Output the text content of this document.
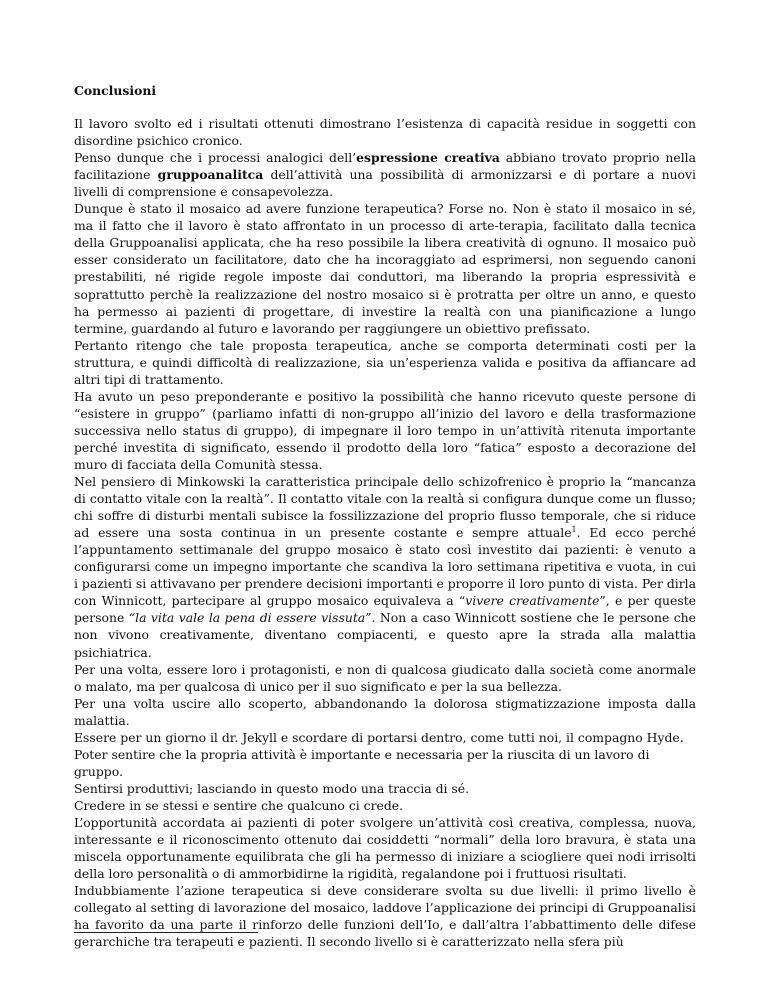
Conclusioni

Il lavoro svolto ed i risultati ottenuti dimostrano l’esistenza di capacità residue in soggetti con disordine psichico cronico.

Penso dunque che i processi analogici dell’espressione creativa abbiano trovato proprio nella facilitazione gruppoanalitca dell’attività una possibilità di armonizzarsi e di portare a nuovi livelli di comprensione e consapevolezza.

Dunque è stato il mosaico ad avere funzione terapeutica? Forse no. Non è stato il mosaico in sé, ma il fatto che il lavoro è stato affrontato in un processo di arte-terapia, facilitato dalla tecnica della Gruppoanalisi applicata, che ha reso possibile la libera creatività di ognuno. Il mosaico può esser considerato un facilitatore, dato che ha incoraggiato ad esprimersi, non seguendo canoni prestabiliti, né rigide regole imposte dai conduttori, ma liberando la propria espressività e soprattutto perchè la realizzazione del nostro mosaico si è protratta per oltre un anno, e questo ha permesso ai pazienti di progettare, di investire la realtà con una pianificazione a lungo termine, guardando al futuro e lavorando per raggiungere un obiettivo prefissato.

Pertanto ritengo che tale proposta terapeutica, anche se comporta determinati costi per la struttura, e quindi difficoltà di realizzazione, sia un’esperienza valida e positiva da affiancare ad altri tipi di trattamento.

Ha avuto un peso preponderante e positivo la possibilità che hanno ricevuto queste persone di “esistere in gruppo” (parliamo infatti di non-gruppo all’inizio del lavoro e della trasformazione successiva nello status di gruppo), di impegnare il loro tempo in un’attività ritenuta importante perché investita di significato, essendo il prodotto della loro “fatica” esposto a decorazione del muro di facciata della Comunità stessa.

Nel pensiero di Minkowski la caratteristica principale dello schizofrenico è proprio la “mancanza di contatto vitale con la realtà”. Il contatto vitale con la realtà si configura dunque come un flusso; chi soffre di disturbi mentali subisce la fossilizzazione del proprio flusso temporale, che si riduce ad essere una sosta continua in un presente costante e sempre attuale$^1$. Ed ecco perché l’appuntamento settimanale del gruppo mosaico è stato così investito dai pazienti: è venuto a configurarsi come un impegno importante che scandiva la loro settimana ripetitiva e vuota, in cui i pazienti si attivavano per prendere decisioni importanti e proporre il loro punto di vista. Per dirla con Winnicott, partecipare al gruppo mosaico equivaleva a “vivere creativamente”, e per queste persone “la vita vale la pena di essere vissuta”. Non a caso Winnicott sostiene che le persone che non vivono creativamente, diventano compiacenti, e questo apre la strada alla malattia psichiatrica.

Per una volta, essere loro i protagonisti, e non di qualcosa giudicato dalla società come anormale o malato, ma per qualcosa di unico per il suo significato e per la sua bellezza.

Per una volta uscire allo scoperto, abbandonando la dolorosa stigmatizzazione imposta dalla malattia.

Essere per un giorno il dr. Jekyll e scordare di portarsi dentro, come tutti noi, il compagno Hyde.

Poter sentire che la propria attività è importante e necessaria per la riuscita di un lavoro di gruppo.

Sentirsi produttivi; lasciando in questo modo una traccia di sé.

Credere in se stessi e sentire che qualcuno ci crede.

L’opportunità accordata ai pazienti di poter svolgere un’attività così creativa, complessa, nuova, interessante e il riconoscimento ottenuto dai cosiddetti “normali” della loro bravura, è stata una miscela opportunamente equilibrata che gli ha permesso di iniziare a sciogliere quei nodi irrisolti della loro personalità o di ammorbidirne la rigidità, regalandone poi i fruttuosi risultati.

Indubbiamente l’azione terapeutica si deve considerare svolta su due livelli: il primo livello è collegato al setting di lavorazione del mosaico, laddove l’applicazione dei principi di Gruppoanalisi ha favorito da una parte il rinforzo delle funzioni dell’Io, e dall’altra l’abbattimento delle difese gerarchiche tra terapeuti e pazienti. Il secondo livello si è caratterizzato nella sfera più
